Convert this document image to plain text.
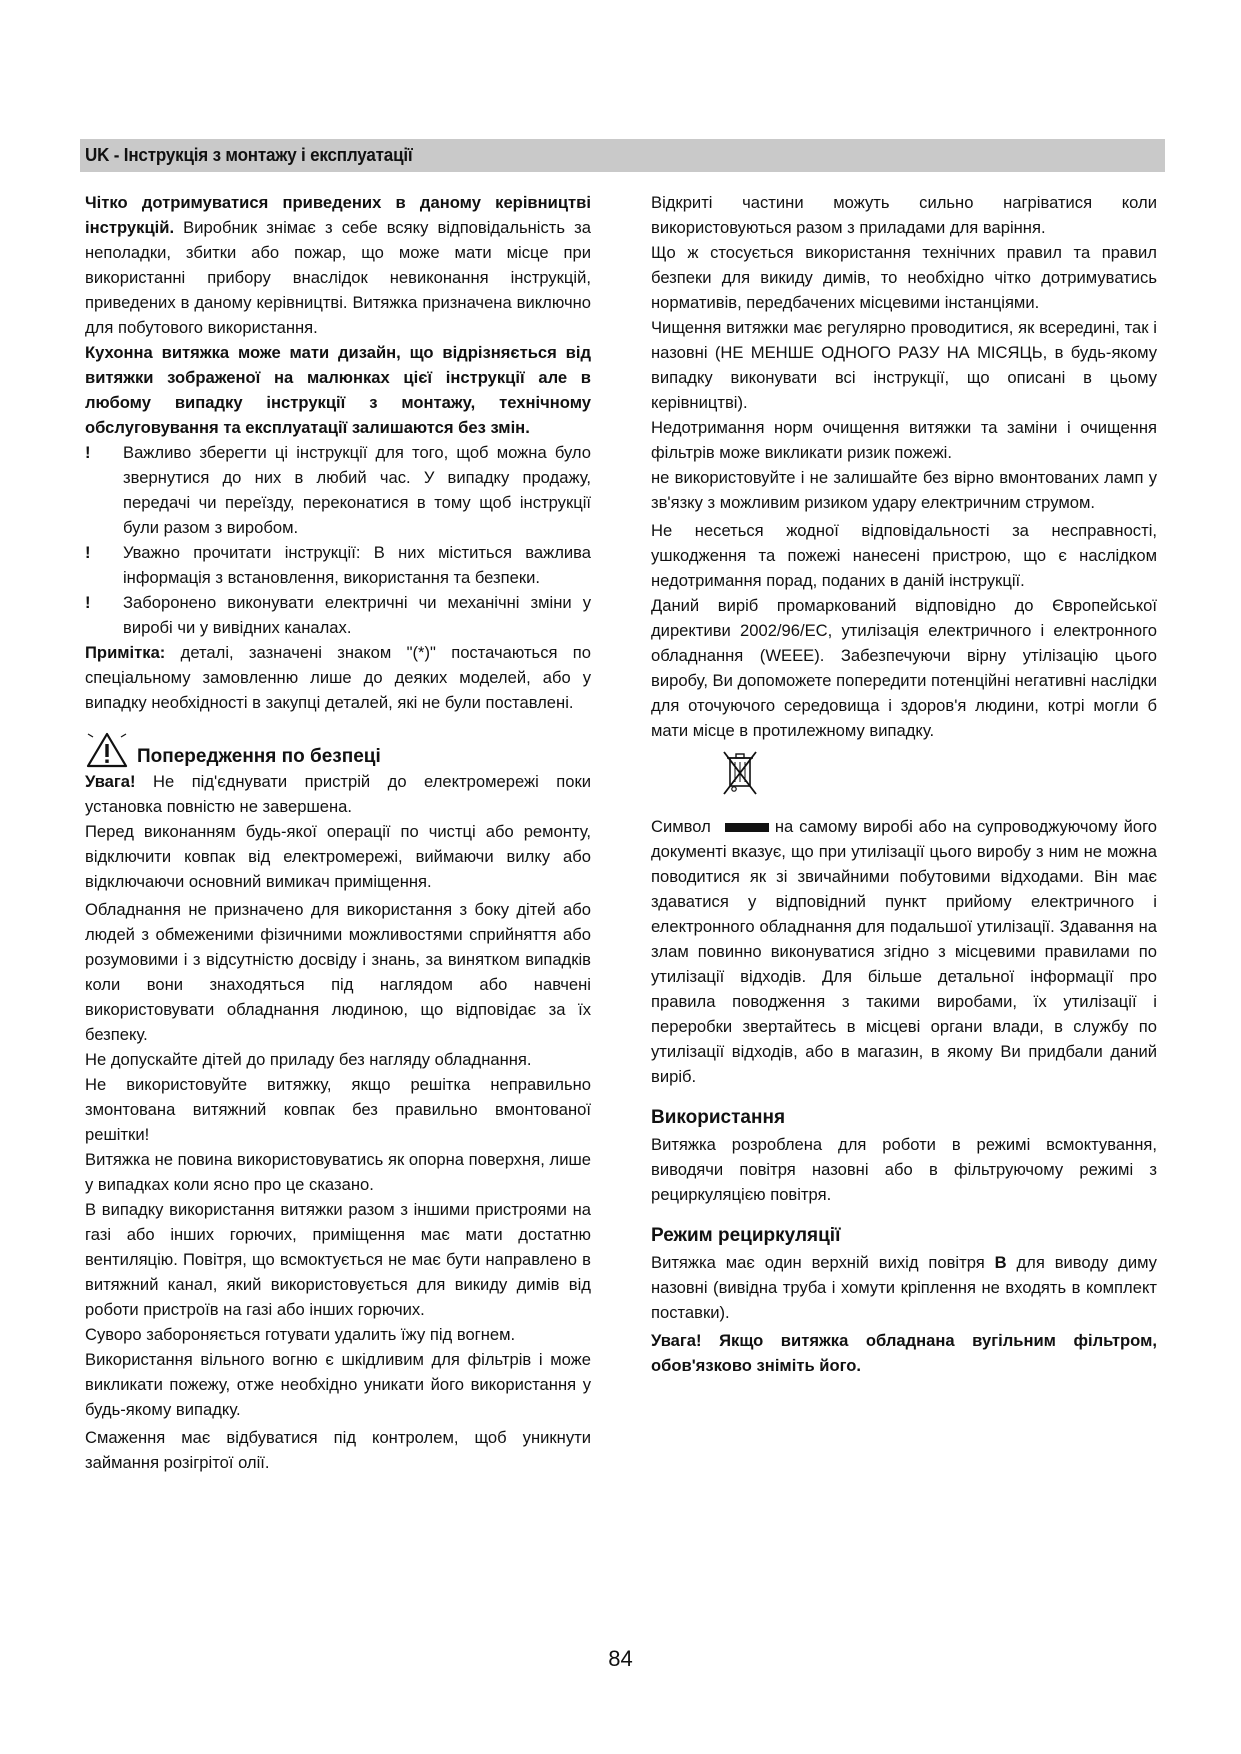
UK - Інструкція з монтажу і експлуатації

Чітко дотримуватися приведених в даному керівництві інструкцій. Виробник знімає з себе всяку відповідальність за неполадки, збитки або пожар, що може мати місце при використанні прибору внаслідок невиконання інструкцій, приведених в даному керівництві. Витяжка призначена виключно для побутового використання.

Кухонна витяжка може мати дизайн, що відрізняється від витяжки зображеної на малюнках цієї інструкції але в любому випадку інструкції з монтажу, технічному обслуговування та експлуатації залишаются без змін.

! Важливо зберегти ці інструкції для того, щоб можна було звернутися до них в любий час. У випадку продажу, передачі чи переїзду, переконатися в тому щоб інструкції були разом з виробом.
! Уважно прочитати інструкції: В них міститься важлива інформація з встановлення, використання та безпеки.
! Заборонено виконувати електричні чи механічні зміни у виробі чи у вивідних каналах.

Примітка: деталі, зазначені знаком "(*)" постачаються по спеціальному замовленню лише до деяких моделей, або у випадку необхідності в закупці деталей, які не були поставлені.

Попередження по безпеці

Увага! Не під'єднувати пристрій до електромережі поки установка повністю не завершена.

Перед виконанням будь-якої операції по чистці або ремонту, відключити ковпак від електромережі, виймаючи вилку або відключаючи основний вимикач приміщення.

Обладнання не призначено для використання з боку дітей або людей з обмеженими фізичними можливостями сприйняття або розумовими і з відсутністю досвіду і знань, за винятком випадків коли вони знаходяться під наглядом або навчені використовувати обладнання людиною, що відповідає за їх безпеку.

Не допускайте дітей до приладу без нагляду обладнання.

Не використовуйте витяжку, якщо решітка неправильно змонтована витяжний ковпак без правильно вмонтованої решітки!

Витяжка не повина використовуватись як опорна поверхня, лише у випадках коли ясно про це сказано.

В випадку використання витяжки разом з іншими пристроями на газі або інших горючих, приміщення має мати достатню вентиляцію. Повітря, що всмоктується не має бути направлено в витяжний канал, який використовується для викиду димів від роботи пристроїв на газі або інших горючих.

Суворо забороняється готувати удалить їжу під вогнем.

Використання вільного вогню є шкідливим для фільтрів і може викликати пожежу, отже необхідно уникати його використання у будь-якому випадку.

Смаження має відбуватися під контролем, щоб уникнути займання розігрітої олії.

Відкриті частини можуть сильно нагріватися коли використовуються разом з приладами для варіння.

Що ж стосується використання технічних правил та правил безпеки для викиду димів, то необхідно чітко дотримуватись нормативів, передбачених місцевими інстанціями.

Чищення витяжки має регулярно проводитися, як всередині, так і назовні (НЕ МЕНШЕ ОДНОГО РАЗУ НА МІСЯЦЬ, в будь-якому випадку виконувати всі інструкції, що описані в цьому керівництві).

Недотримання норм очищення витяжки та заміни і очищення фільтрів може викликати ризик пожежі.

не використовуйте і не залишайте без вірно вмонтованих ламп у зв'язку з можливим ризиком удару електричним струмом.

Не несеться жодної відповідальності за несправності, ушкодження та пожежі нанесені пристрою, що є наслідком недотримання порад, поданих в даній інструкції.

Даний виріб промаркований відповідно до Європейської директиви 2002/96/ЕС, утилізація електричного і електронного обладнання (WEEE). Забезпечуючи вірну утілізацію цього виробу, Ви допоможете попередити потенційні негативні наслідки для оточуючого середовища і здоров'я людини, котрі могли б мати місце в протилежному випадку.

Символ	на самому виробі або на супроводжуючому його документі вказує, що при утилізації цього виробу з ним не можна поводитися як зі звичайними побутовими відходами. Він має здаватися у відповідний пункт прийому електричного і електронного обладнання для подальшої утилізації. Здавання на злам повинно виконуватися згідно з місцевими правилами по утилізації відходів. Для більше детальної інформації про правила поводження з такими виробами, їх утилізації і переробки звертайтесь в місцеві органи влади, в службу по утилізації відходів, або в магазин, в якому Ви придбали даний виріб.

Використання

Витяжка розроблена для роботи в режимі всмоктування, виводячи повітря назовні або в фільтруючому режимі з рециркуляцією повітря.

Режим рециркуляції

Витяжка має один верхній вихід повітря B для виводу диму назовні (вивідна труба і хомути кріплення не входять в комплект поставки).

Увага! Якщо витяжка обладнана вугільним фільтром, обов'язково зніміть його.

84
